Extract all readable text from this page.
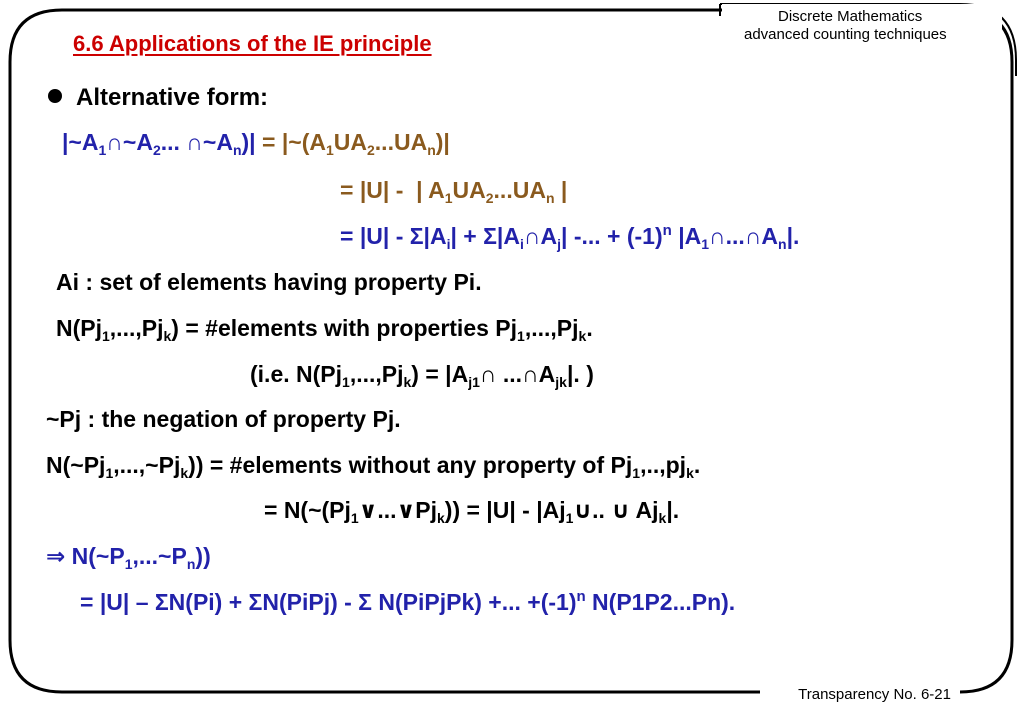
Discrete Mathematics
advanced counting techniques
6.6 Applications of the IE principle
Alternative form:
$|\sim A_1\cap\sim A_2$... $\cap\sim A_n)|$ = $|\sim(A_1UA_2...UA_n)|$
= |U| -  | $A_1UA_2...UA_n$ |
= $|U| - \Sigma|A_i|$ + $\Sigma|A_i\cap A_j|$ -... + $(-1)^n$ $|A_1\cap...\cap A_n|$.
Ai : set of elements having property Pi.
$N(Pj_1,...,Pj_k)$ = #elements with properties $Pj_1,...,Pj_k$.
(i.e. $N(Pj_1,...,Pj_k)$ = $|A_{j1}\cap$ $...\cap A_{jk}|$. )
~Pj : the negation of property Pj.
$N(\sim Pj_1,...,\sim Pj_k)$) = #elements without any property of $Pj_1,..,pj_k$.
= $N(\sim(Pj_1\vee...\vee Pj_k)) = |U|$ - $|Aj_1\cup$.. ∪ $Aj_k|$.
⇒ $N(\sim P_1,...\sim P_n)$)
= |U| – ΣN(Pi) + ΣN(PiPj) - Σ N(PiPjPk) +... $+(-1)^n$ N(P1P2...Pn).
Transparency No. 6-21
